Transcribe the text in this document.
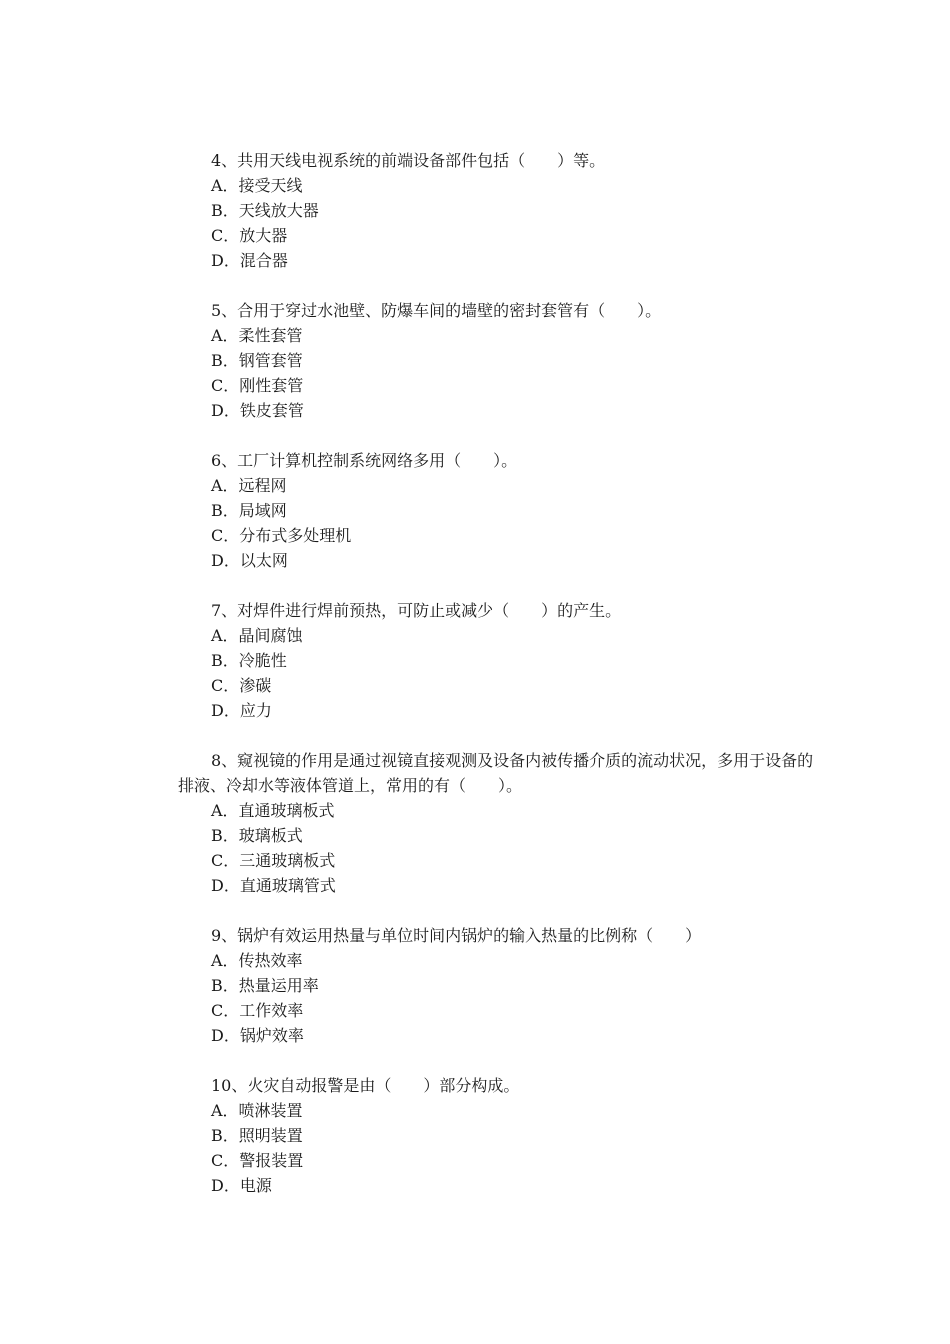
4、共用天线电视系统的前端设备部件包括（　　）等。

A．接受天线
B．天线放大器
C．放大器
D．混合器

5、合用于穿过水池壁、防爆车间的墙壁的密封套管有（　　）。

A．柔性套管
B．钢管套管
C．刚性套管
D．铁皮套管

6、工厂计算机控制系统网络多用（　　）。

A．远程网
B．局域网
C．分布式多处理机
D．以太网

7、对焊件进行焊前预热，可防止或减少（　　）的产生。

A．晶间腐蚀
B．冷脆性
C．渗碳
D．应力

8、窥视镜的作用是通过视镜直接观测及设备内被传播介质的流动状况，多用于设备的排液、冷却水等液体管道上，常用的有（　　）。

A．直通玻璃板式
B．玻璃板式
C．三通玻璃板式
D．直通玻璃管式

9、锅炉有效运用热量与单位时间内锅炉的输入热量的比例称（　　）

A．传热效率
B．热量运用率
C．工作效率
D．锅炉效率

10、火灾自动报警是由（　　）部分构成。

A．喷淋装置
B．照明装置
C．警报装置
D．电源
